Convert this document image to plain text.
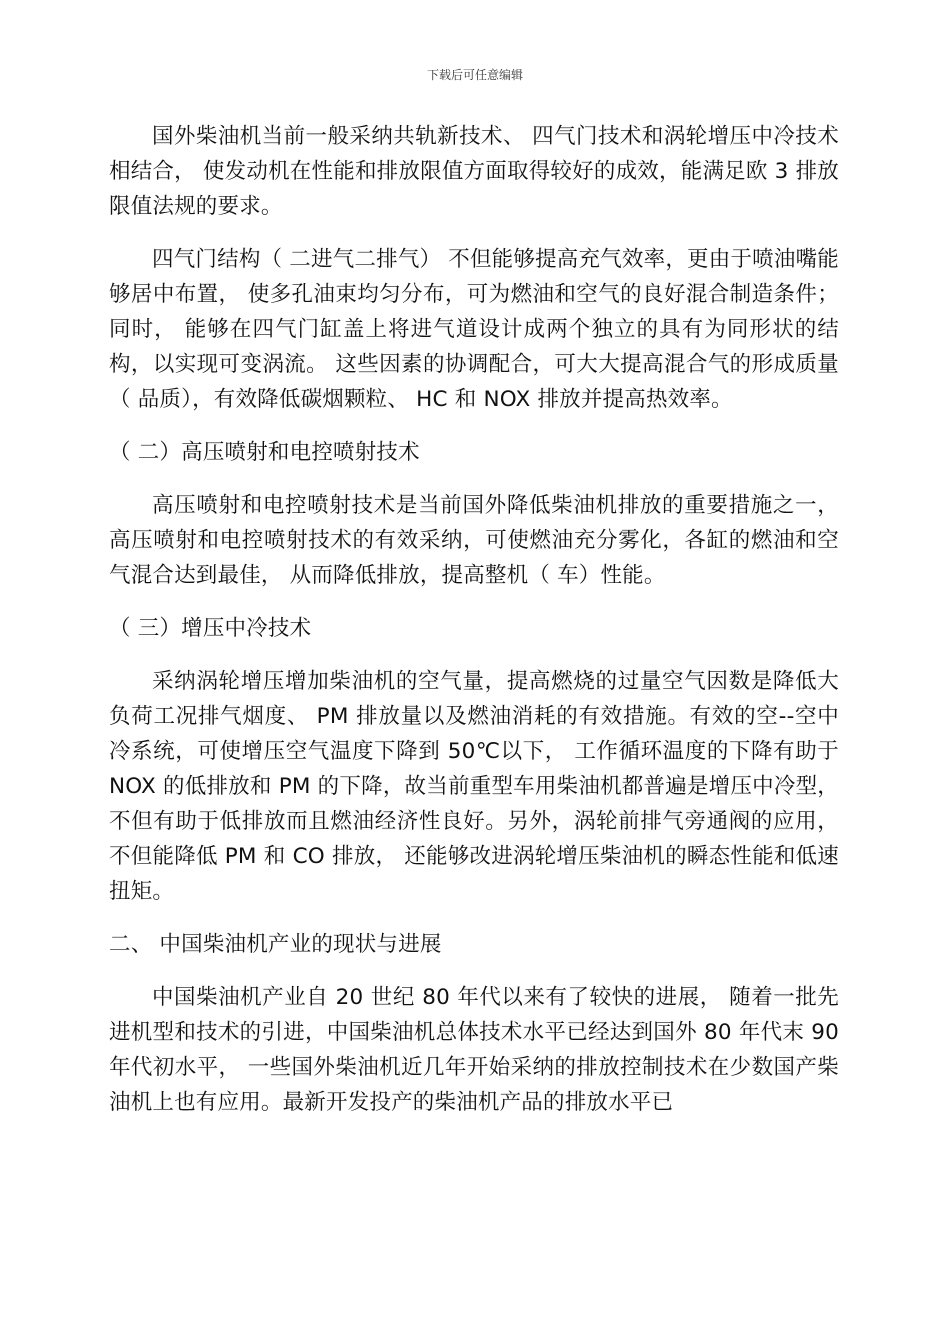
下载后可任意编辑

国外柴油机当前一般采纳共轨新技术、 四气门技术和涡轮增压中冷技术相结合， 使发动机在性能和排放限值方面取得较好的成效，能满足欧 3 排放限值法规的要求。

四气门结构（ 二进气二排气） 不但能够提高充气效率，更由于喷油嘴能够居中布置， 使多孔油束均匀分布，可为燃油和空气的良好混合制造条件；同时， 能够在四气门缸盖上将进气道设计成两个独立的具有为同形状的结构，以实现可变涡流。 这些因素的协调配合，可大大提高混合气的形成质量（ 品质），有效降低碳烟颗粒、 HC 和 NOX 排放并提高热效率。

（ 二）高压喷射和电控喷射技术

高压喷射和电控喷射技术是当前国外降低柴油机排放的重要措施之一， 高压喷射和电控喷射技术的有效采纳，可使燃油充分雾化，各缸的燃油和空气混合达到最佳， 从而降低排放，提高整机（ 车）性能。

（ 三）增压中冷技术

采纳涡轮增压增加柴油机的空气量，提高燃烧的过量空气因数是降低大负荷工况排气烟度、 PM 排放量以及燃油消耗的有效措施。有效的空--空中冷系统，可使增压空气温度下降到 50℃以下， 工作循环温度的下降有助于 NOX 的低排放和 PM 的下降，故当前重型车用柴油机都普遍是增压中冷型， 不但有助于低排放而且燃油经济性良好。另外，涡轮前排气旁通阀的应用，不但能降低 PM 和 CO 排放， 还能够改进涡轮增压柴油机的瞬态性能和低速扭矩。

二、 中国柴油机产业的现状与进展

中国柴油机产业自 20 世纪 80 年代以来有了较快的进展， 随着一批先进机型和技术的引进，中国柴油机总体技术水平已经达到国外 80 年代末 90 年代初水平， 一些国外柴油机近几年开始采纳的排放控制技术在少数国产柴油机上也有应用。最新开发投产的柴油机产品的排放水平已
